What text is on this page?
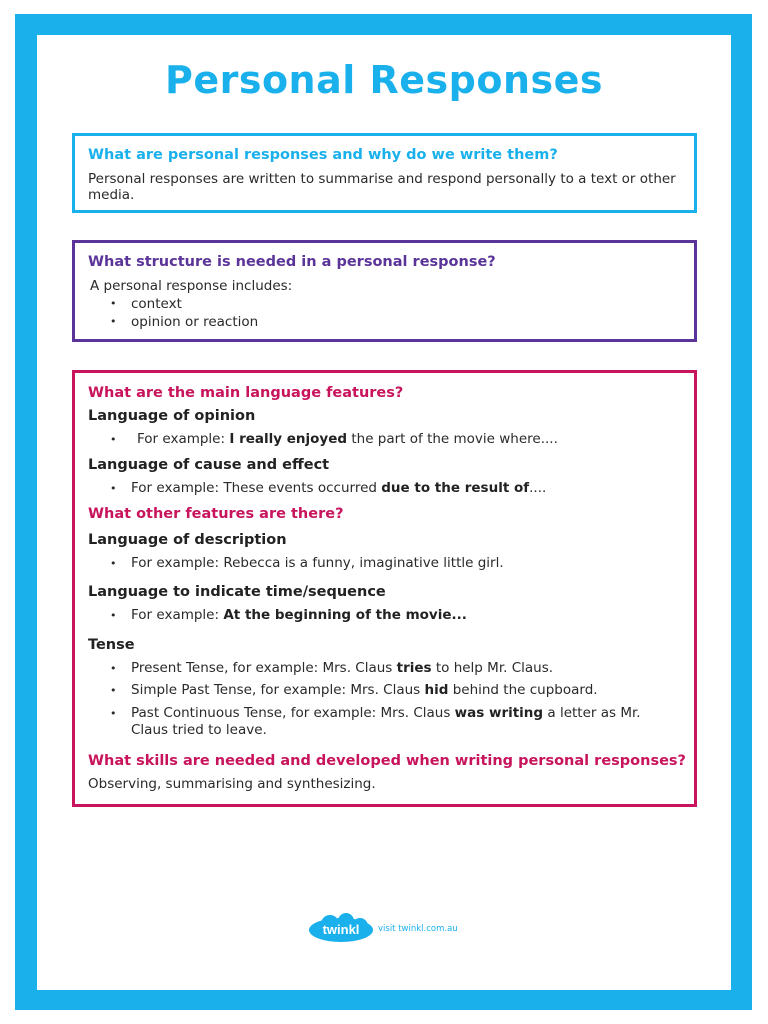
Personal Responses
What are personal responses and why do we write them?
Personal responses are written to summarise and respond personally to a text or other media.
What structure is needed in a personal response?
A personal response includes:
• context
• opinion or reaction
What are the main language features?
Language of opinion
• For example: I really enjoyed the part of the movie where....
Language of cause and effect
• For example: These events occurred due to the result of....
What other features are there?
Language of description
• For example: Rebecca is a funny, imaginative little girl.
Language to indicate time/sequence
• For example: At the beginning of the movie...
Tense
• Present Tense, for example: Mrs. Claus tries to help Mr. Claus.
• Simple Past Tense, for example: Mrs. Claus hid behind the cupboard.
• Past Continuous Tense, for example: Mrs. Claus was writing a letter as Mr.
Claus tried to leave.
What skills are needed and developed when writing personal responses?
Observing, summarising and synthesizing.
twinkl visit twinkl.com.au
